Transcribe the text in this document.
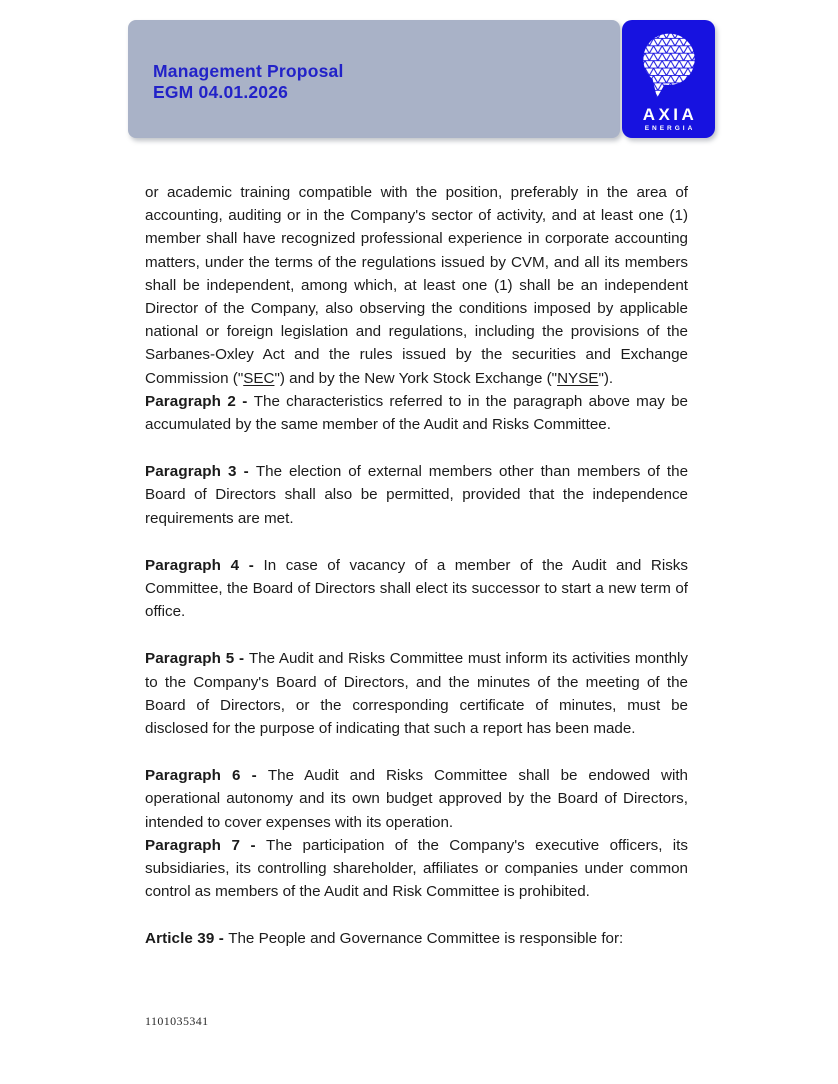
Management Proposal
EGM 04.01.2026
AXIA
ENERGIA

or academic training compatible with the position, preferably in the area of accounting, auditing or in the Company's sector of activity, and at least one (1) member shall have recognized professional experience in corporate accounting matters, under the terms of the regulations issued by CVM, and all its members shall be independent, among which, at least one (1) shall be an independent Director of the Company, also observing the conditions imposed by applicable national or foreign legislation and regulations, including the provisions of the Sarbanes-Oxley Act and the rules issued by the securities and Exchange Commission ("SEC") and by the New York Stock Exchange ("NYSE").

Paragraph 2 - The characteristics referred to in the paragraph above may be accumulated by the same member of the Audit and Risks Committee.

Paragraph 3 - The election of external members other than members of the Board of Directors shall also be permitted, provided that the independence requirements are met.

Paragraph 4 - In case of vacancy of a member of the Audit and Risks Committee, the Board of Directors shall elect its successor to start a new term of office.

Paragraph 5 - The Audit and Risks Committee must inform its activities monthly to the Company's Board of Directors, and the minutes of the meeting of the Board of Directors, or the corresponding certificate of minutes, must be disclosed for the purpose of indicating that such a report has been made.

Paragraph 6 - The Audit and Risks Committee shall be endowed with operational autonomy and its own budget approved by the Board of Directors, intended to cover expenses with its operation.

Paragraph 7 - The participation of the Company's executive officers, its subsidiaries, its controlling shareholder, affiliates or companies under common control as members of the Audit and Risk Committee is prohibited.

Article 39 - The People and Governance Committee is responsible for:

1101035341
